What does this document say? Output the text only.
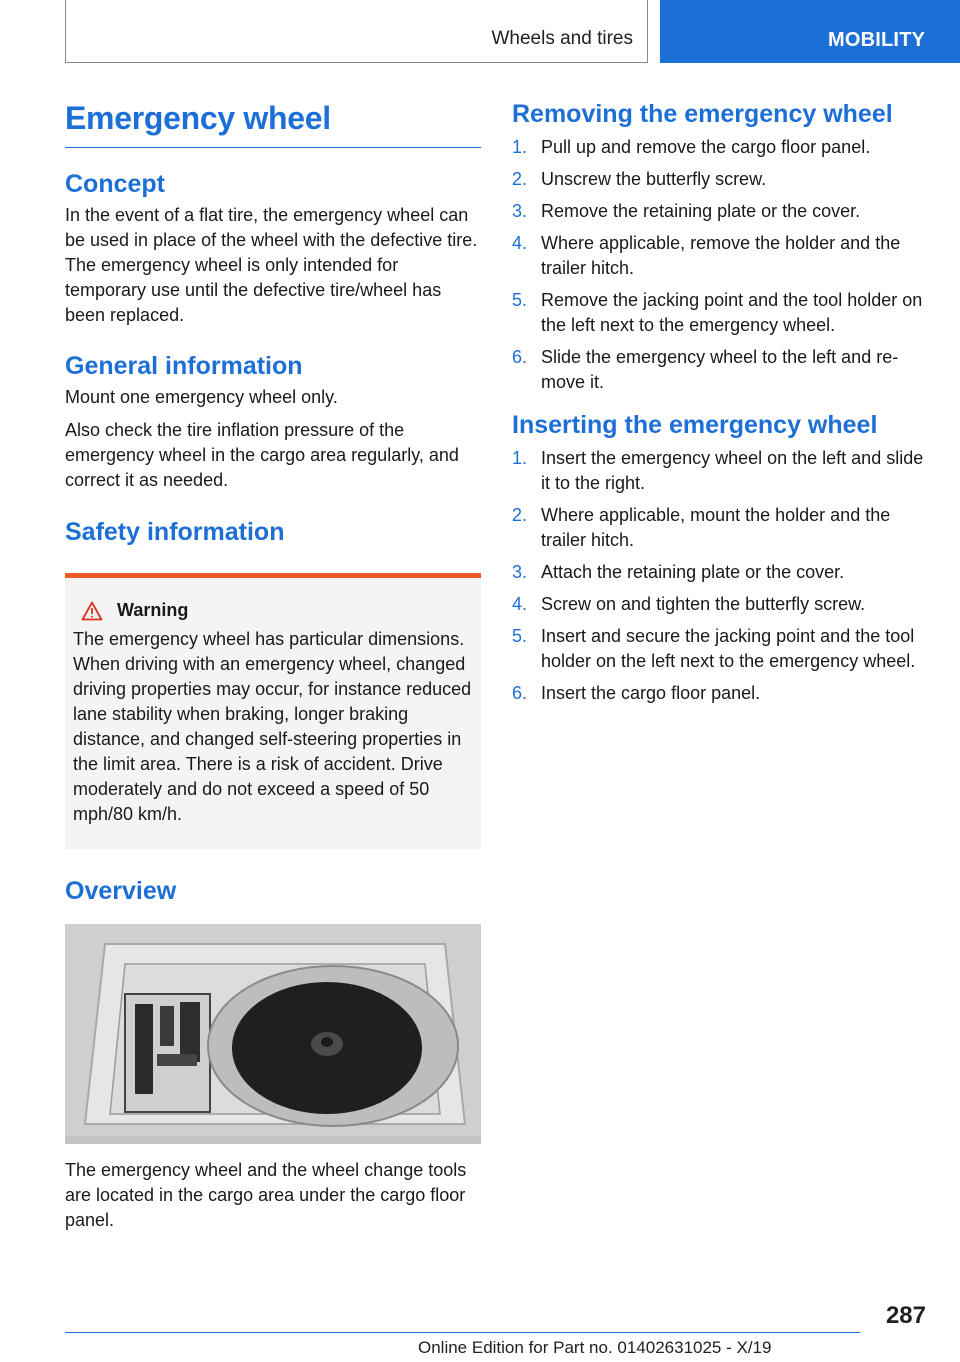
Wheels and tires	MOBILITY
Emergency wheel
Concept

In the event of a flat tire, the emergency wheel can be used in place of the wheel with the defective tire. The emergency wheel is only intended for temporary use until the defective tire/wheel has been replaced.

General information

Mount one emergency wheel only.

Also check the tire inflation pressure of the emergency wheel in the cargo area regularly, and correct it as needed.

Safety information
Warning

The emergency wheel has particular dimensions. When driving with an emergency wheel, changed driving properties may occur, for instance reduced lane stability when braking, longer braking distance, and changed self-steering properties in the limit area. There is a risk of accident. Drive moderately and do not exceed a speed of 50 mph/80 km/h.

Overview

The emergency wheel and the wheel change tools are located in the cargo area under the cargo floor panel.

Removing the emergency wheel
1. Pull up and remove the cargo floor panel.
2. Unscrew the butterfly screw.
3. Remove the retaining plate or the cover.
4. Where applicable, remove the holder and the trailer hitch.
5. Remove the jacking point and the tool holder on the left next to the emergency wheel.
6. Slide the emergency wheel to the left and remove it.
Inserting the emergency wheel
1. Insert the emergency wheel on the left and slide it to the right.
2. Where applicable, mount the holder and the trailer hitch.
3. Attach the retaining plate or the cover.
4. Screw on and tighten the butterfly screw.
5. Insert and secure the jacking point and the tool holder on the left next to the emergency wheel.
6. Insert the cargo floor panel.
287
Online Edition for Part no. 01402631025 - X/19
